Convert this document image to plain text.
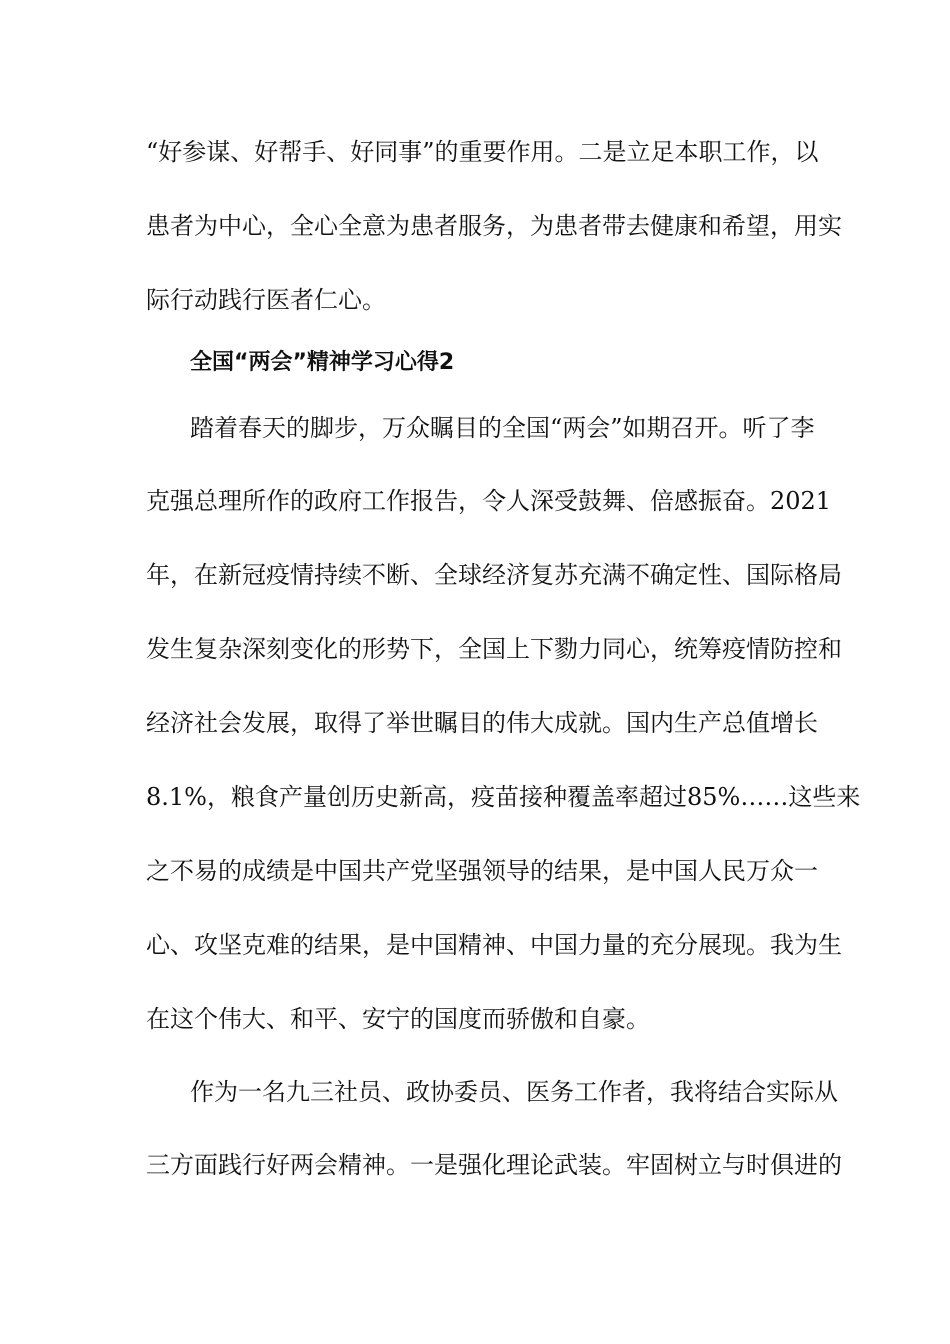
“好参谋、好帮手、好同事”的重要作用。二是立足本职工作，以
患者为中心，全心全意为患者服务，为患者带去健康和希望，用实
际行动践行医者仁心。
全国“两会”精神学习心得2
踏着春天的脚步，万众瞩目的全国“两会”如期召开。听了李
克强总理所作的政府工作报告，令人深受鼓舞、倍感振奋。2021
年，在新冠疫情持续不断、全球经济复苏充满不确定性、国际格局
发生复杂深刻变化的形势下，全国上下勠力同心，统筹疫情防控和
经济社会发展，取得了举世瞩目的伟大成就。国内生产总值增长
8.1%，粮食产量创历史新高，疫苗接种覆盖率超过85%……这些来
之不易的成绩是中国共产党坚强领导的结果，是中国人民万众一
心、攻坚克难的结果，是中国精神、中国力量的充分展现。我为生
在这个伟大、和平、安宁的国度而骄傲和自豪。
作为一名九三社员、政协委员、医务工作者，我将结合实际从
三方面践行好两会精神。一是强化理论武装。牢固树立与时俱进的
